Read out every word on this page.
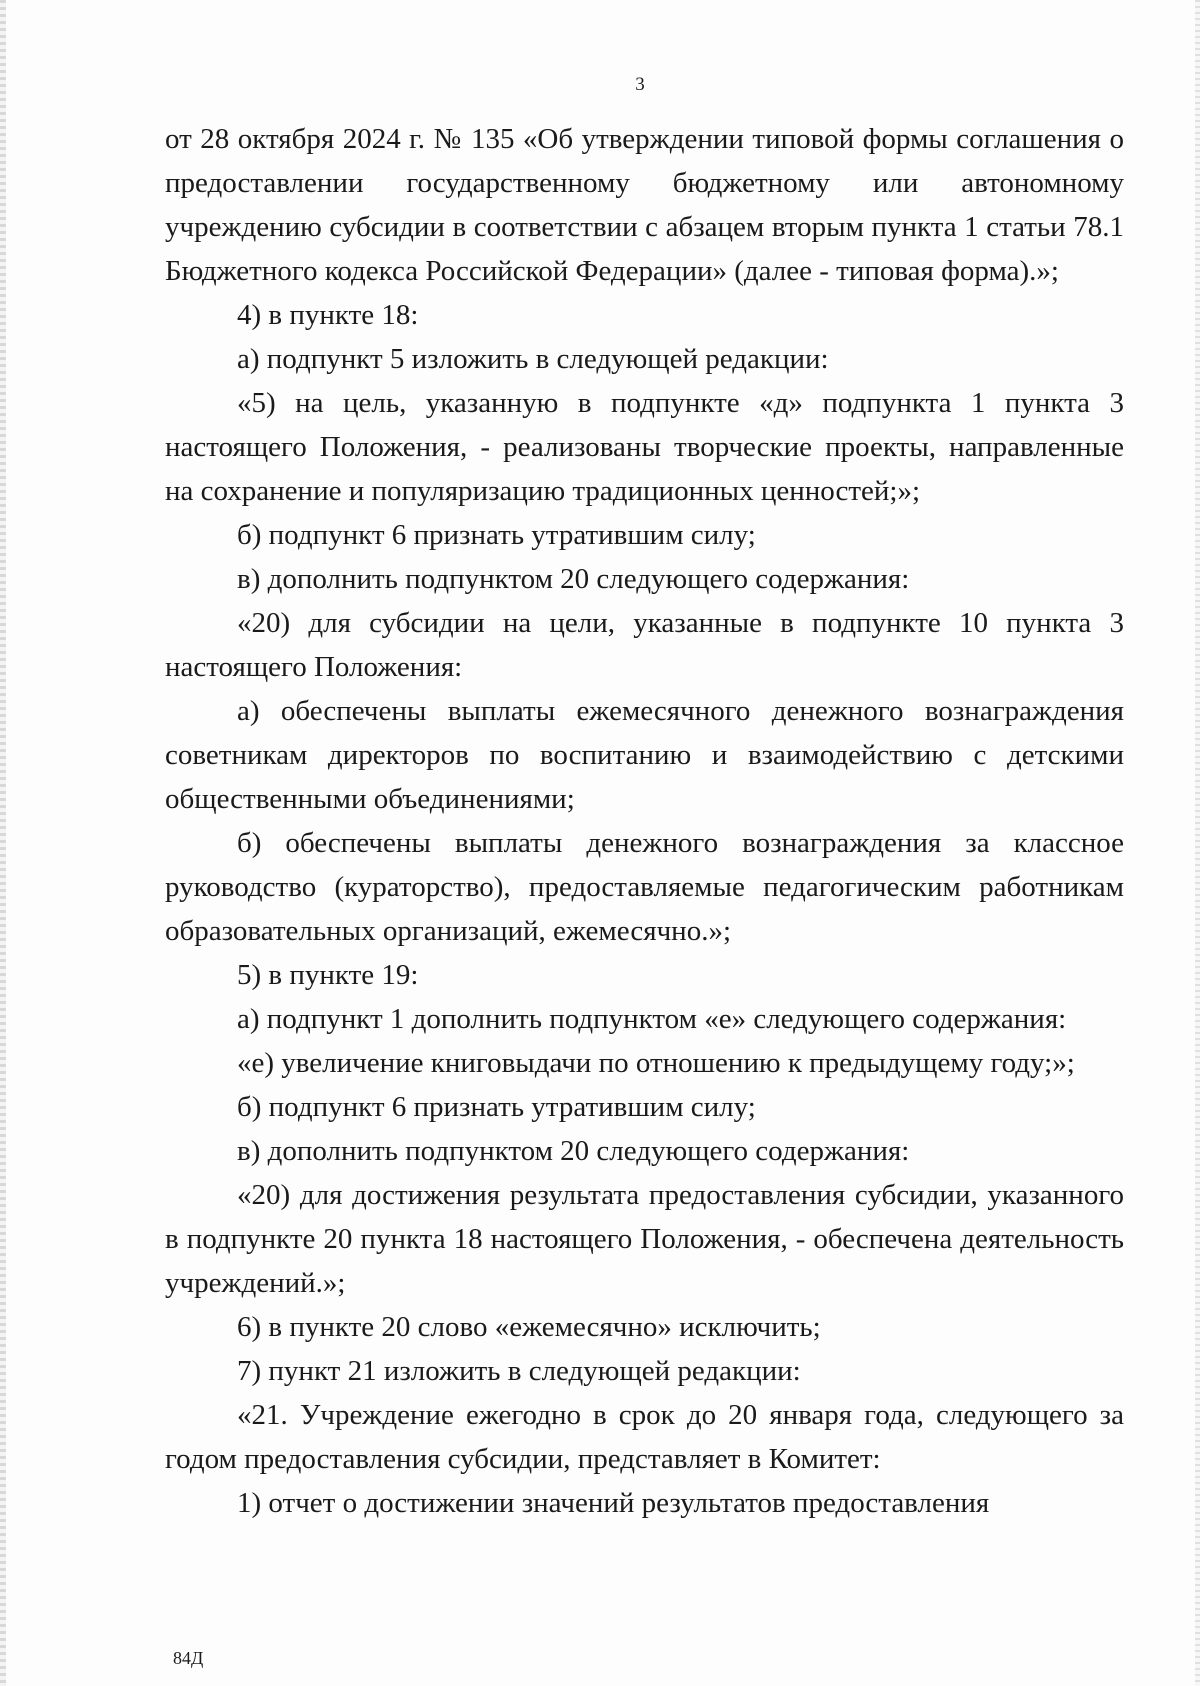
3

от 28 октября 2024 г. № 135 «Об утверждении типовой формы соглашения о предоставлении государственному бюджетному или автономному учреждению субсидии в соответствии с абзацем вторым пункта 1 статьи 78.1 Бюджетного кодекса Российской Федерации» (далее - типовая форма).»;

4) в пункте 18:

а) подпункт 5 изложить в следующей редакции:

«5) на цель, указанную в подпункте «д» подпункта 1 пункта 3 настоящего Положения, - реализованы творческие проекты, направленные на сохранение и популяризацию традиционных ценностей;»;

б) подпункт 6 признать утратившим силу;

в) дополнить подпунктом 20 следующего содержания:

«20) для субсидии на цели, указанные в подпункте 10 пункта 3 настоящего Положения:

а) обеспечены выплаты ежемесячного денежного вознаграждения советникам директоров по воспитанию и взаимодействию с детскими общественными объединениями;

б) обеспечены выплаты денежного вознаграждения за классное руководство (кураторство), предоставляемые педагогическим работникам образовательных организаций, ежемесячно.»;

5) в пункте 19:

а) подпункт 1 дополнить подпунктом «е» следующего содержания:

«е) увеличение книговыдачи по отношению к предыдущему году;»;

б) подпункт 6 признать утратившим силу;

в) дополнить подпунктом 20 следующего содержания:

«20) для достижения результата предоставления субсидии, указанного в подпункте 20 пункта 18 настоящего Положения, - обеспечена деятельность учреждений.»;

6) в пункте 20 слово «ежемесячно» исключить;

7) пункт 21 изложить в следующей редакции:

«21. Учреждение ежегодно в срок до 20 января года, следующего за годом предоставления субсидии, представляет в Комитет:

1) отчет о достижении значений результатов предоставления

84Д
